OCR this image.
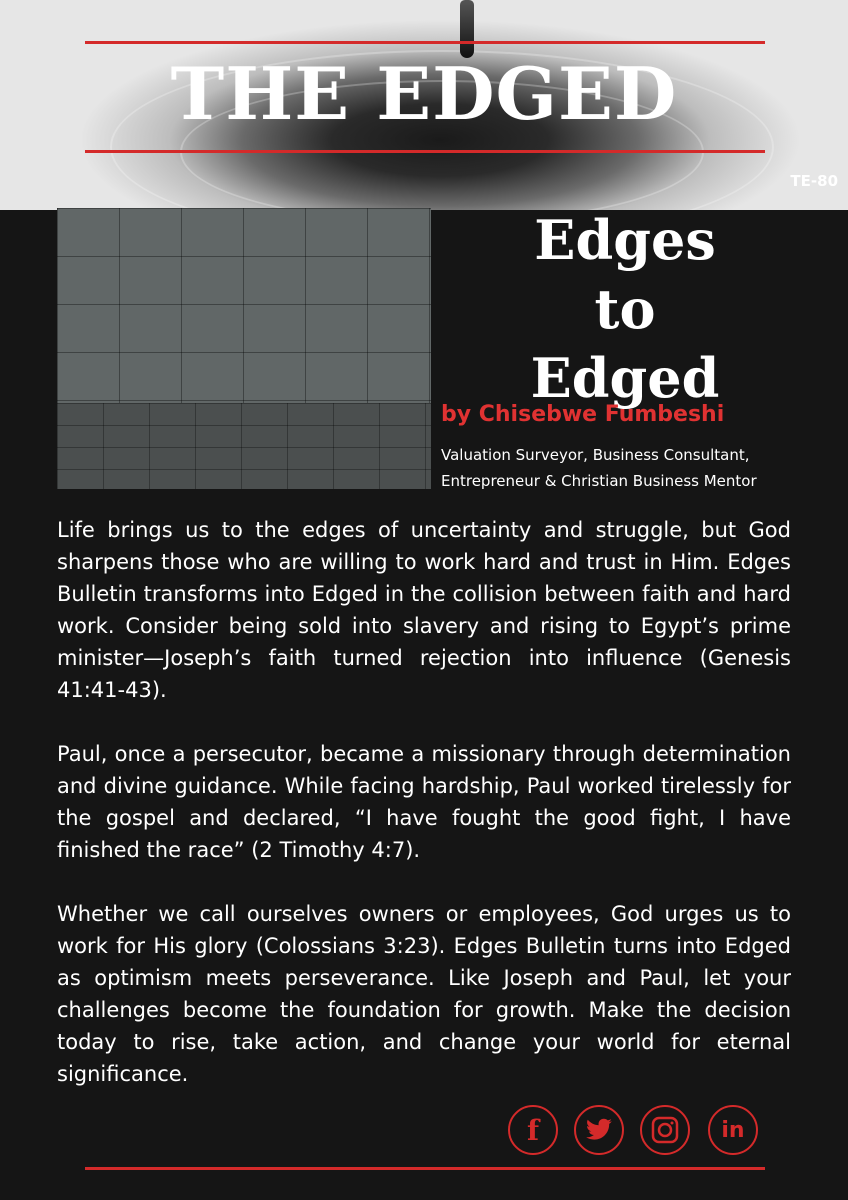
THE EDGED
TE-80
Edges
to
Edged
by Chisebwe Fumbeshi
Valuation Surveyor, Business Consultant,
Entrepreneur & Christian Business Mentor

Life brings us to the edges of uncertainty and struggle, but God sharpens those who are willing to work hard and trust in Him. Edges Bulletin transforms into Edged in the collision between faith and hard work. Consider being sold into slavery and rising to Egypt’s prime minister—Joseph’s faith turned rejection into influence (Genesis 41:41-43).

Paul, once a persecutor, became a missionary through determination and divine guidance. While facing hardship, Paul worked tirelessly for the gospel and declared, “I have fought the good fight, I have finished the race” (2 Timothy 4:7).

Whether we call ourselves owners or employees, God urges us to work for His glory (Colossians 3:23). Edges Bulletin turns into Edged as optimism meets perseverance. Like Joseph and Paul, let your challenges become the foundation for growth. Make the decision today to rise, take action, and change your world for eternal significance.

f	in
